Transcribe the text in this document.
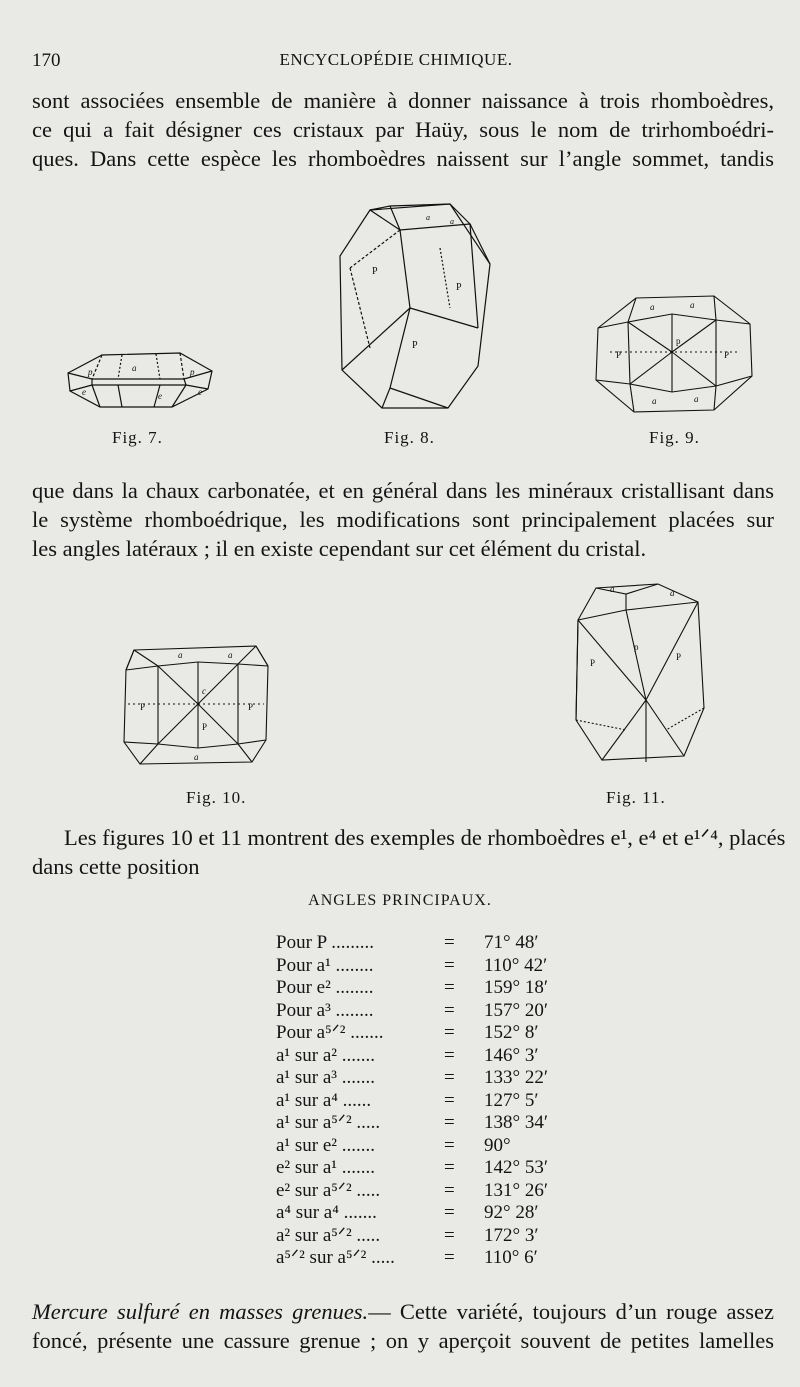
170	ENCYCLOPÉDIE CHIMIQUE.
sont associées ensemble de manière à donner naissance à trois rhomboèdres,
ce qui a fait désigner ces cristaux par Haüy, sous le nom de trirhomboédri-
ques. Dans cette espèce les rhomboèdres naissent sur l’angle sommet, tandis
p	p
a
e
e	e
P
P
P
a	a
P	P
p
a	a
a	a
Fig. 7.	Fig. 8.	Fig. 9.
que dans la chaux carbonatée, et en général dans les minéraux cristallisant dans
le système rhomboédrique, les modifications sont principalement placées sur
les angles latéraux ; il en existe cependant sur cet élément du cristal.
P	P
P
a	a
c
a
P
P
p
a	a
Fig. 10.	Fig. 11.
Les figures 10 et 11 montrent des exemples de rhomboèdres e¹, e⁴ et e¹ᐟ⁴, placés
dans cette position
ANGLES PRINCIPAUX.
Pour P .........	= 71° 48′
Pour a¹ ........	= 110° 42′
Pour e² ........	= 159° 18′
Pour a³ ........	= 157° 20′
Pour a⁵ᐟ² .......	= 152° 8′
a¹ sur a² .......	= 146° 3′
a¹ sur a³ .......	= 133° 22′
a¹ sur a⁴ ......	= 127° 5′
a¹ sur a⁵ᐟ² .....	= 138° 34′
a¹ sur e² .......	= 90°
e² sur a¹ .......	= 142° 53′
e² sur a⁵ᐟ² .....	= 131° 26′
a⁴ sur a⁴ .......	= 92° 28′
a² sur a⁵ᐟ² .....	= 172° 3′
a⁵ᐟ² sur a⁵ᐟ² .....	= 110° 6′
Mercure sulfuré en masses grenues.— Cette variété, toujours d’un rouge assez
foncé, présente une cassure grenue ; on y aperçoit souvent de petites lamelles
